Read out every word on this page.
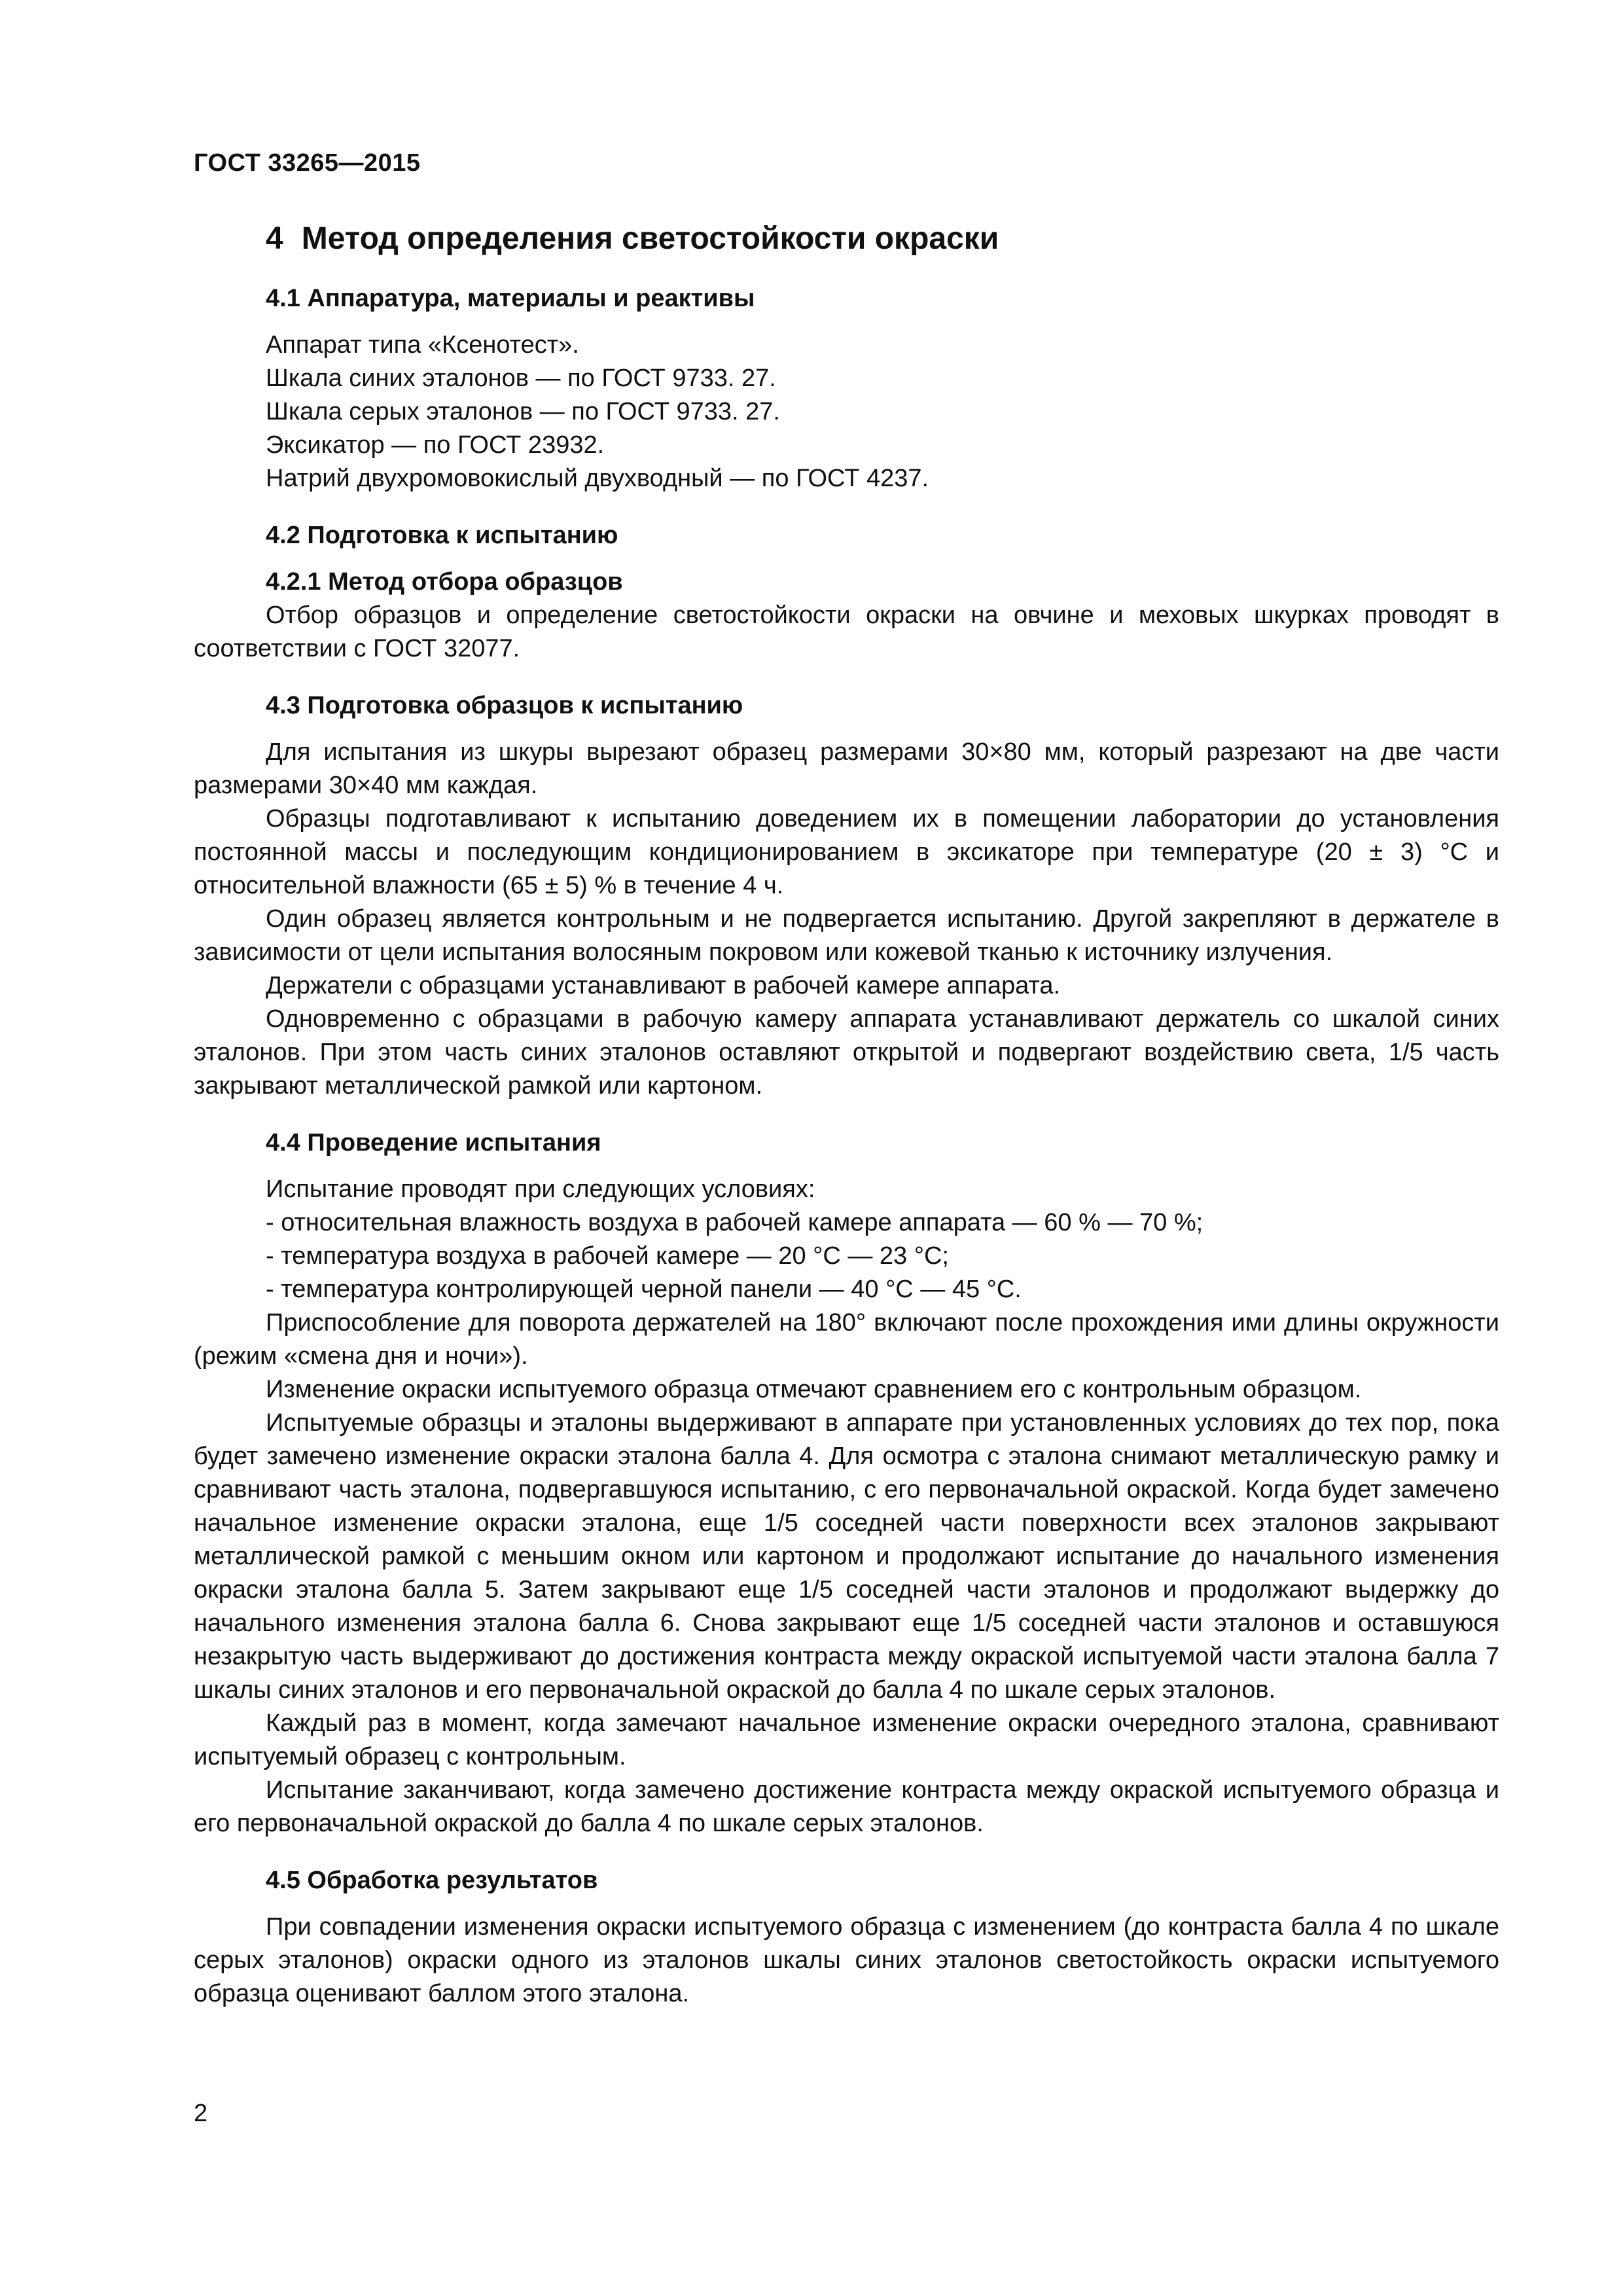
ГОСТ 33265—2015
4 Метод определения светостойкости окраски
4.1 Аппаратура, материалы и реактивы
Аппарат типа «Ксенотест».
Шкала синих эталонов — по ГОСТ 9733. 27.
Шкала серых эталонов — по ГОСТ 9733. 27.
Эксикатор — по ГОСТ 23932.
Натрий двухромовокислый двухводный — по ГОСТ 4237.
4.2 Подготовка к испытанию
4.2.1 Метод отбора образцов

Отбор образцов и определение светостойкости окраски на овчине и меховых шкурках проводят в соответствии с ГОСТ 32077.

4.3 Подготовка образцов к испытанию

Для испытания из шкуры вырезают образец размерами 30×80 мм, который разрезают на две части размерами 30×40 мм каждая.

Образцы подготавливают к испытанию доведением их в помещении лаборатории до установления постоянной массы и последующим кондиционированием в эксикаторе при температуре (20 ± 3) °С и относительной влажности (65 ± 5) % в течение 4 ч.

Один образец является контрольным и не подвергается испытанию. Другой закрепляют в держателе в зависимости от цели испытания волосяным покровом или кожевой тканью к источнику излучения.

Держатели с образцами устанавливают в рабочей камере аппарата.

Одновременно с образцами в рабочую камеру аппарата устанавливают держатель со шкалой синих эталонов. При этом часть синих эталонов оставляют открытой и подвергают воздействию света, 1/5 часть закрывают металлической рамкой или картоном.

4.4 Проведение испытания
Испытание проводят при следующих условиях:
- относительная влажность воздуха в рабочей камере аппарата — 60 % — 70 %;
- температура воздуха в рабочей камере — 20 °С — 23 °С;
- температура контролирующей черной панели — 40 °С — 45 °С.

Приспособление для поворота держателей на 180° включают после прохождения ими длины окружности (режим «смена дня и ночи»).

Изменение окраски испытуемого образца отмечают сравнением его с контрольным образцом.

Испытуемые образцы и эталоны выдерживают в аппарате при установленных условиях до тех пор, пока будет замечено изменение окраски эталона балла 4. Для осмотра с эталона снимают металлическую рамку и сравнивают часть эталона, подвергавшуюся испытанию, с его первоначальной окраской. Когда будет замечено начальное изменение окраски эталона, еще 1/5 соседней части поверхности всех эталонов закрывают металлической рамкой с меньшим окном или картоном и продолжают испытание до начального изменения окраски эталона балла 5. Затем закрывают еще 1/5 соседней части эталонов и продолжают выдержку до начального изменения эталона балла 6. Снова закрывают еще 1/5 соседней части эталонов и оставшуюся незакрытую часть выдерживают до достижения контраста между окраской испытуемой части эталона балла 7 шкалы синих эталонов и его первоначальной окраской до балла 4 по шкале серых эталонов.

Каждый раз в момент, когда замечают начальное изменение окраски очередного эталона, сравнивают испытуемый образец с контрольным.

Испытание заканчивают, когда замечено достижение контраста между окраской испытуемого образца и его первоначальной окраской до балла 4 по шкале серых эталонов.

4.5 Обработка результатов

При совпадении изменения окраски испытуемого образца с изменением (до контраста балла 4 по шкале серых эталонов) окраски одного из эталонов шкалы синих эталонов светостойкость окраски испытуемого образца оценивают баллом этого эталона.

2
